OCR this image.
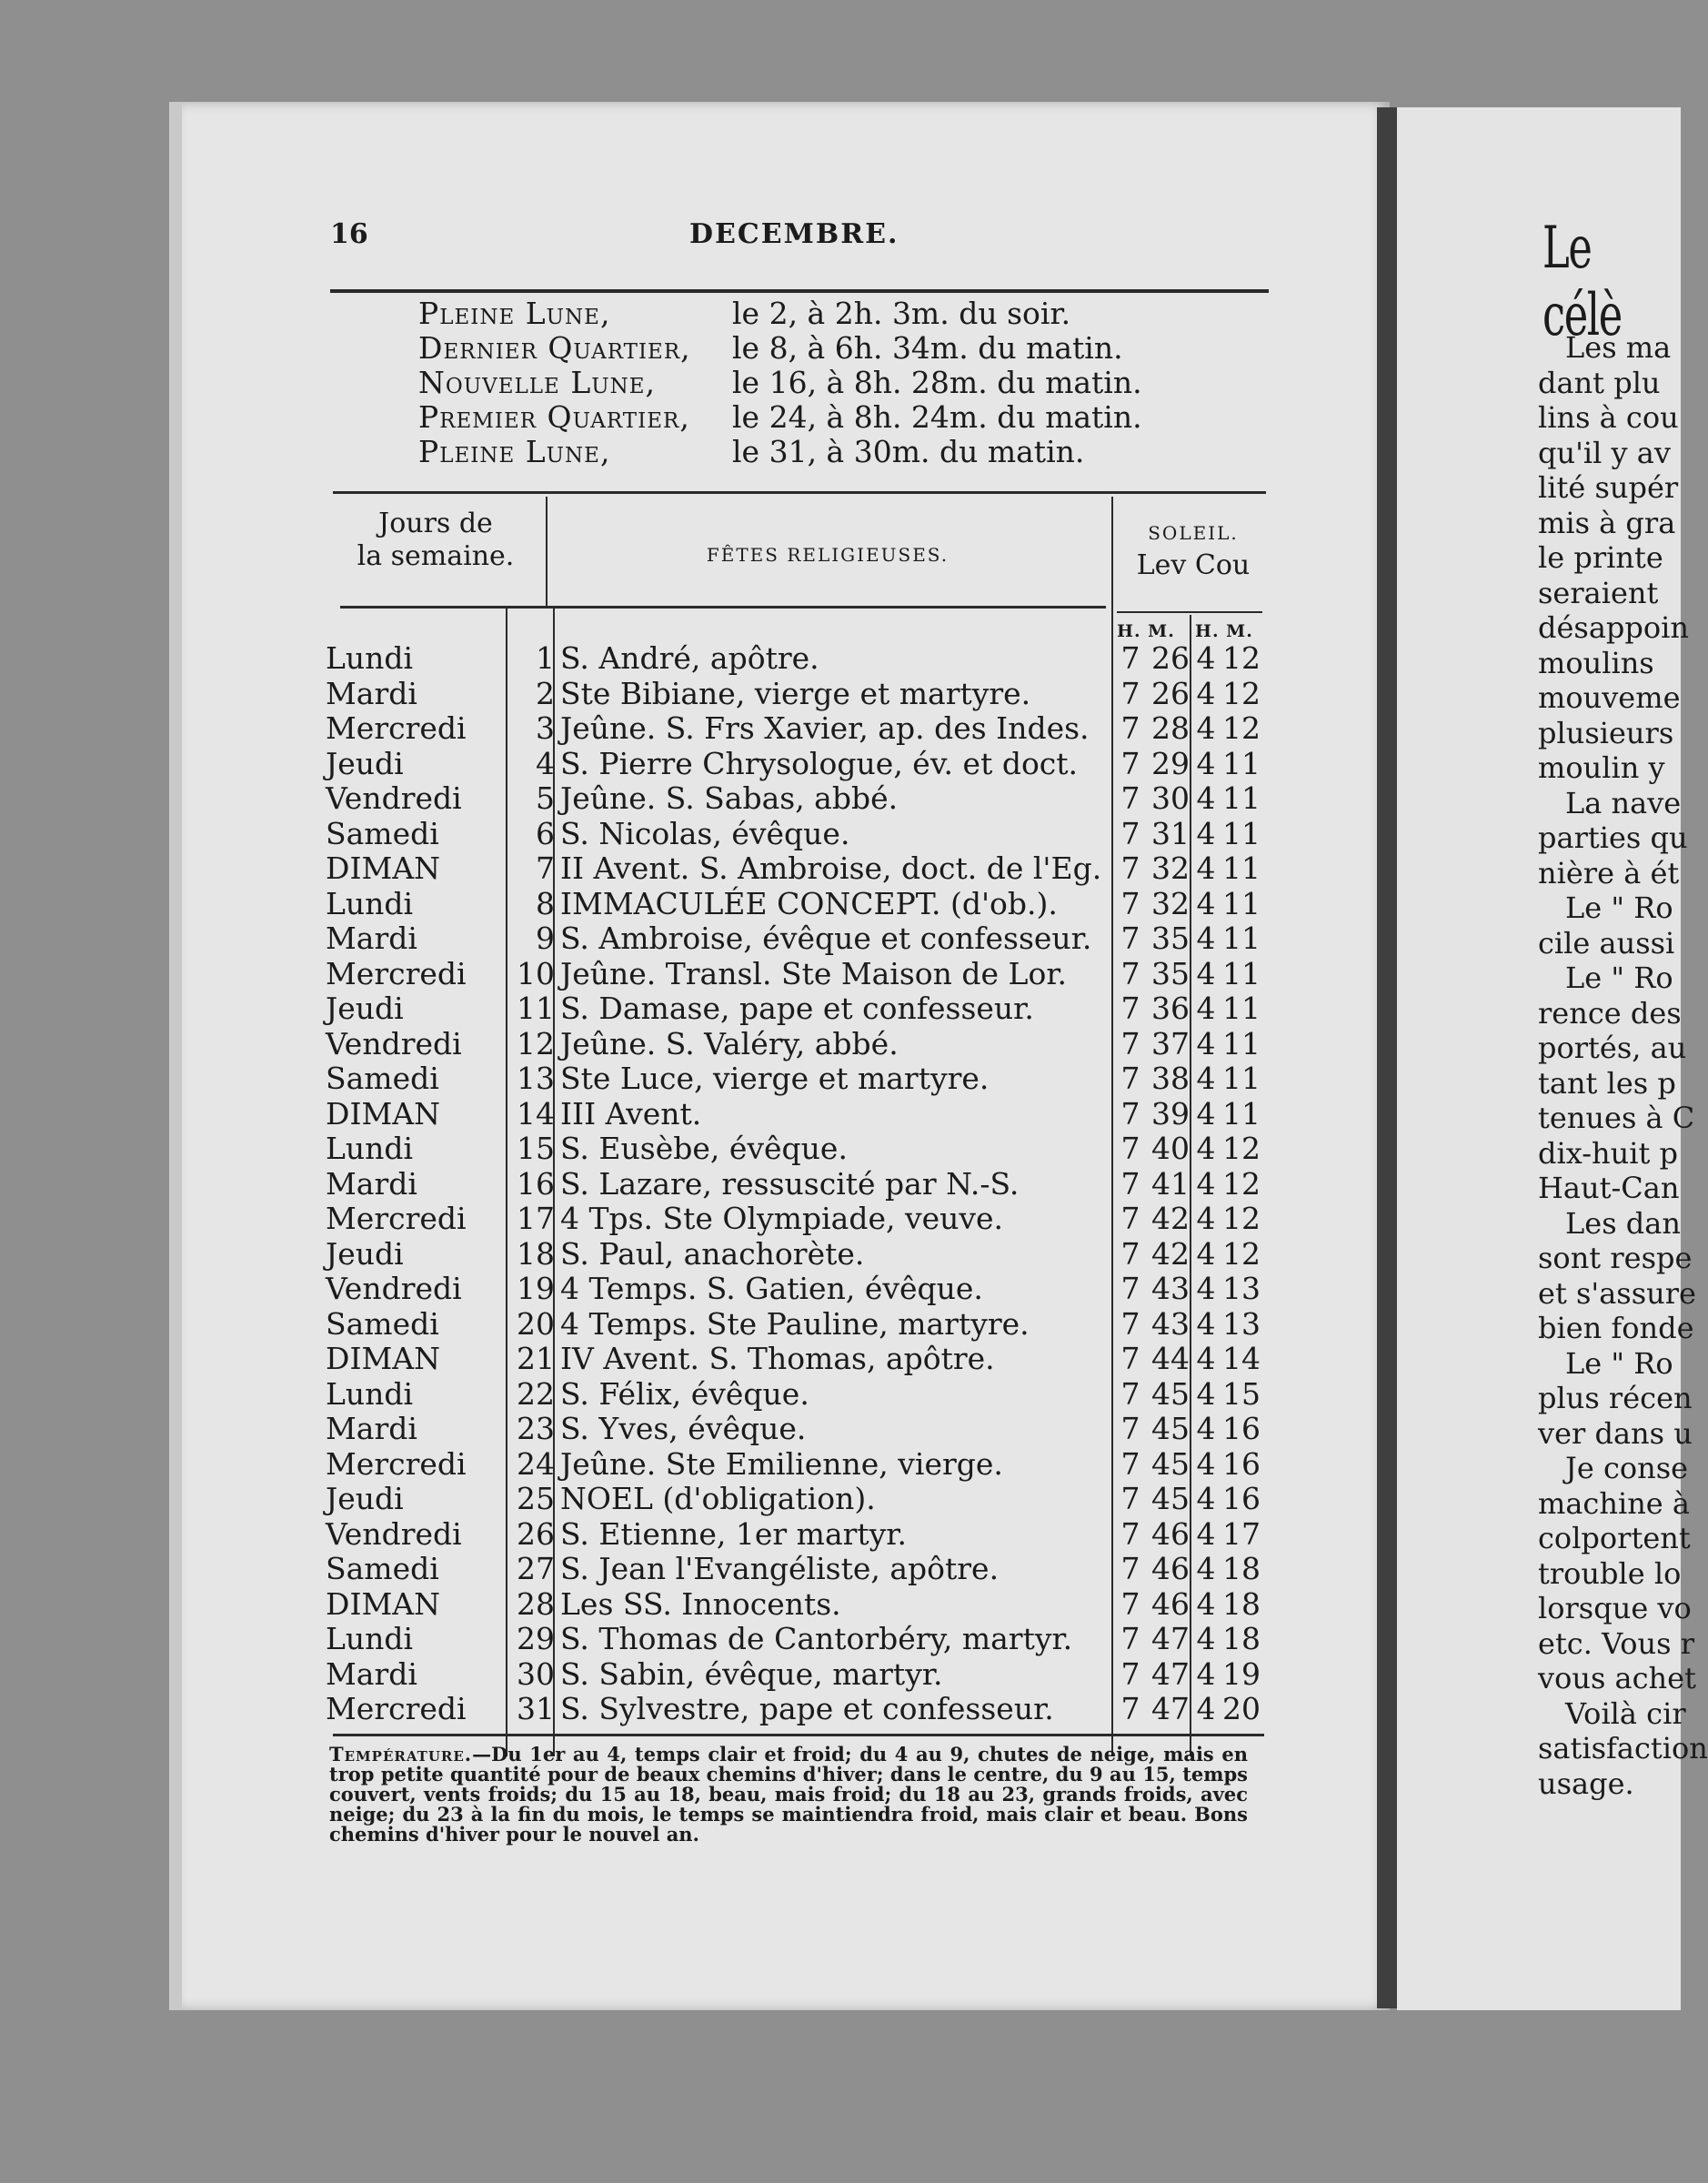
16	DECEMBRE.
Pleine Lune,	le 2, à 2h. 3m. du soir.
Dernier Quartier, le 8, à 6h. 34m. du matin.
Nouvelle Lune,	le 16, à 8h. 28m. du matin.
Premier Quartier, le 24, à 8h. 24m. du matin.
Pleine Lune,	le 31, à 30m. du matin.
Jours de
la semaine.	FÊTES RELIGIEUSES.
SOLEIL.
Lev Cou
H. M. H. M.
Lundi	1 S. André, apôtre.	7 26 4 12
Mardi	2 Ste Bibiane, vierge et martyre.	7 26 4 12
Mercredi	3 Jeûne. S. Frs Xavier, ap. des Indes. 7 28 4 12
Jeudi	4 S. Pierre Chrysologue, év. et doct. 7 29 4 11
Vendredi	5 Jeûne. S. Sabas, abbé.	7 30 4 11
Samedi	6 S. Nicolas, évêque.	7 31 4 11
DIMAN	7 II Avent. S. Ambroise, doct. de l'Eg. 7 32 4 11
Lundi	8 IMMACULÉE CONCEPT. (d'ob.). 7 32 4 11
Mardi	9 S. Ambroise, évêque et confesseur. 7 35 4 11
Mercredi	10 Jeûne. Transl. Ste Maison de Lor. 7 35 4 11
Jeudi	11 S. Damase, pape et confesseur.	7 36 4 11
Vendredi	12 Jeûne. S. Valéry, abbé.	7 37 4 11
Samedi	13 Ste Luce, vierge et martyre.	7 38 4 11
DIMAN	14 III Avent.	7 39 4 11
Lundi	15 S. Eusèbe, évêque.	7 40 4 12
Mardi	16 S. Lazare, ressuscité par N.-S.	7 41 4 12
Mercredi	17 4 Tps. Ste Olympiade, veuve.	7 42 4 12
Jeudi	18 S. Paul, anachorète.	7 42 4 12
Vendredi	19 4 Temps. S. Gatien, évêque.	7 43 4 13
Samedi	20 4 Temps. Ste Pauline, martyre.	7 43 4 13
DIMAN	21 IV Avent. S. Thomas, apôtre.	7 44 4 14
Lundi	22 S. Félix, évêque.	7 45 4 15
Mardi	23 S. Yves, évêque.	7 45 4 16
Mercredi	24 Jeûne. Ste Emilienne, vierge.	7 45 4 16
Jeudi	25 NOEL (d'obligation).	7 45 4 16
Vendredi	26 S. Etienne, 1er martyr.	7 46 4 17
Samedi	27 S. Jean l'Evangéliste, apôtre.	7 46 4 18
DIMAN	28 Les SS. Innocents.	7 46 4 18
Lundi	29 S. Thomas de Cantorbéry, martyr. 7 47 4 18
Mardi	30 S. Sabin, évêque, martyr.	7 47 4 19
Mercredi	31 S. Sylvestre, pape et confesseur. 7 47 4 20
Température.—Du 1er au 4, temps clair et froid; du 4 au 9, chutes de neige, mais en trop petite quantité pour de beaux chemins d'hiver; dans le centre, du 9 au 15, temps couvert, vents froids; du 15 au 18, beau, mais froid; du 18 au 23, grands froids, avec neige; du 23 à la fin du mois, le temps se maintiendra froid, mais clair et beau. Bons chemins d'hiver pour le nouvel an.
Le célè
Les ma
dant plu
lins à cou
qu'il y av
lité supér
mis à gra
le printe
seraient
désappoin
moulins
mouveme
plusieurs
moulin y
La nave
parties qu
nière à ét
Le " Ro
cile aussi
Le " Ro
rence des
portés, au
tant les p
tenues à C
dix-huit p
Haut-Can
Les dan
sont respe
et s'assure
bien fonde
Le " Ro
plus récen
ver dans u
Je conse
machine à
colportent
trouble lo
lorsque vo
etc. Vous r
vous achet
Voilà cir
satisfaction
usage.
